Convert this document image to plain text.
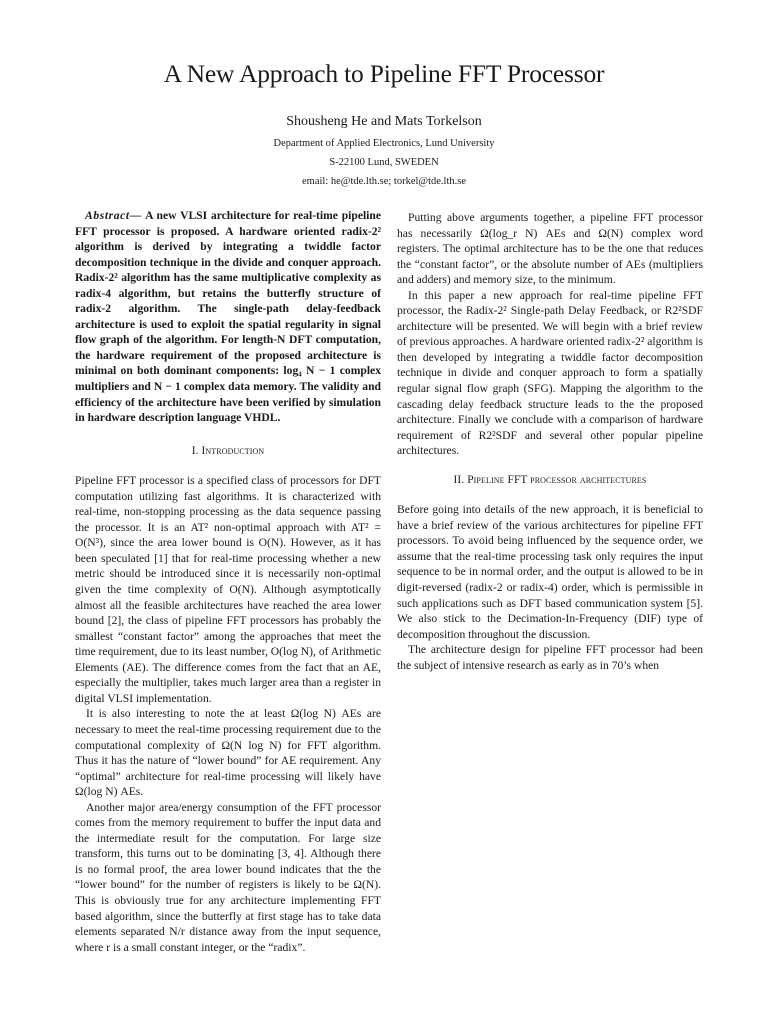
A New Approach to Pipeline FFT Processor
Shousheng He and Mats Torkelson
Department of Applied Electronics, Lund University
S-22100 Lund, SWEDEN
email: he@tde.lth.se; torkel@tde.lth.se

Abstract— A new VLSI architecture for real-time pipeline FFT processor is proposed. A hardware oriented radix-2² algorithm is derived by integrating a twiddle factor decomposition technique in the divide and conquer approach. Radix-2² algorithm has the same multiplicative complexity as radix-4 algorithm, but retains the butterfly structure of radix-2 algorithm. The single-path delay-feedback architecture is used to exploit the spatial regularity in signal flow graph of the algorithm. For length-N DFT computation, the hardware requirement of the proposed architecture is minimal on both dominant components: log₄ N − 1 complex multipliers and N − 1 complex data memory. The validity and efficiency of the architecture have been verified by simulation in hardware description language VHDL.

I. Introduction

Pipeline FFT processor is a specified class of processors for DFT computation utilizing fast algorithms. It is characterized with real-time, non-stopping processing as the data sequence passing the processor. It is an AT² non-optimal approach with AT² = O(N³), since the area lower bound is O(N). However, as it has been speculated [1] that for real-time processing whether a new metric should be introduced since it is necessarily non-optimal given the time complexity of O(N). Although asymptotically almost all the feasible architectures have reached the area lower bound [2], the class of pipeline FFT processors has probably the smallest “constant factor” among the approaches that meet the time requirement, due to its least number, O(log N), of Arithmetic Elements (AE). The difference comes from the fact that an AE, especially the multiplier, takes much larger area than a register in digital VLSI implementation.

It is also interesting to note the at least Ω(log N) AEs are necessary to meet the real-time processing requirement due to the computational complexity of Ω(N log N) for FFT algorithm. Thus it has the nature of “lower bound” for AE requirement. Any “optimal” architecture for real-time processing will likely have Ω(log N) AEs.

Another major area/energy consumption of the FFT processor comes from the memory requirement to buffer the input data and the intermediate result for the computation. For large size transform, this turns out to be dominating [3, 4]. Although there is no formal proof, the area lower bound indicates that the the “lower bound” for the number of registers is likely to be Ω(N). This is obviously true for any architecture implementing FFT based algorithm, since the butterfly at first stage has to take data elements separated N/r distance away from the input sequence, where r is a small constant integer, or the “radix”.

Putting above arguments together, a pipeline FFT processor has necessarily Ω(log_r N) AEs and Ω(N) complex word registers. The optimal architecture has to be the one that reduces the “constant factor”, or the absolute number of AEs (multipliers and adders) and memory size, to the minimum.

In this paper a new approach for real-time pipeline FFT processor, the Radix-2² Single-path Delay Feedback, or R2²SDF architecture will be presented. We will begin with a brief review of previous approaches. A hardware oriented radix-2² algorithm is then developed by integrating a twiddle factor decomposition technique in divide and conquer approach to form a spatially regular signal flow graph (SFG). Mapping the algorithm to the cascading delay feedback structure leads to the the proposed architecture. Finally we conclude with a comparison of hardware requirement of R2²SDF and several other popular pipeline architectures.

II. Pipeline FFT processor architectures

Before going into details of the new approach, it is beneficial to have a brief review of the various architectures for pipeline FFT processors. To avoid being influenced by the sequence order, we assume that the real-time processing task only requires the input sequence to be in normal order, and the output is allowed to be in digit-reversed (radix-2 or radix-4) order, which is permissible in such applications such as DFT based communication system [5]. We also stick to the Decimation-In-Frequency (DIF) type of decomposition throughout the discussion.

The architecture design for pipeline FFT processor had been the subject of intensive research as early as in 70’s when
